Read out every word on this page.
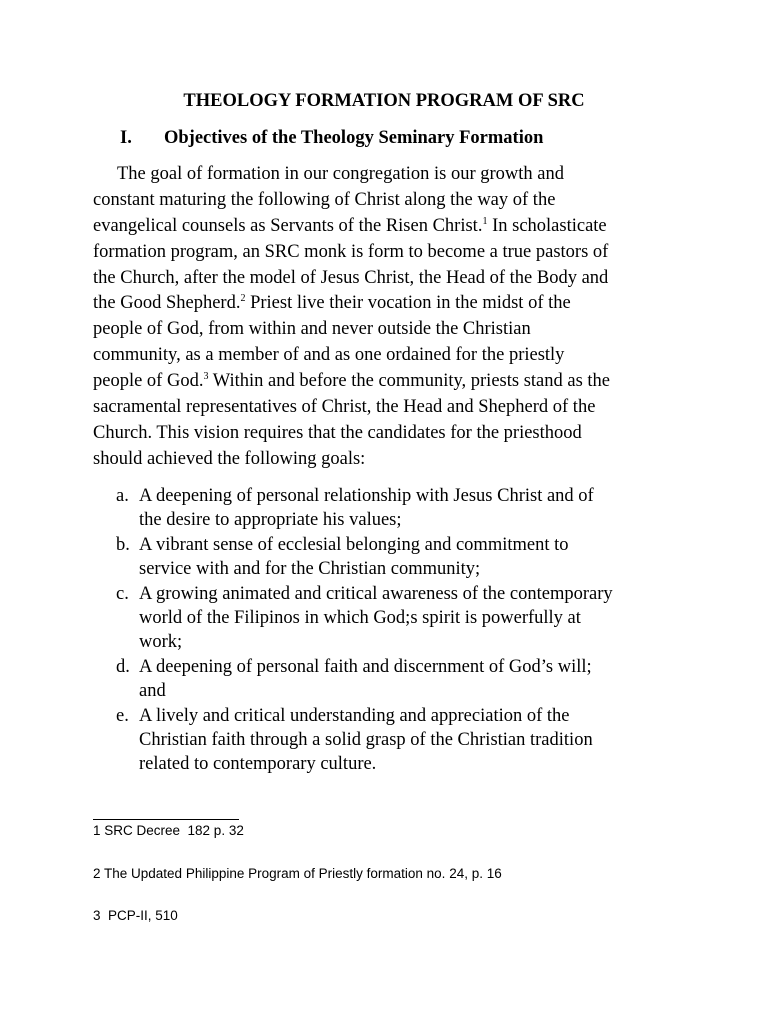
THEOLOGY FORMATION PROGRAM OF SRC
I. Objectives of the Theology Seminary Formation
The goal of formation in our congregation is our growth and
constant maturing the following of Christ along the way of the
evangelical counsels as Servants of the Risen Christ.$^1$ In scholasticate
formation program, an SRC monk is form to become a true pastors of
the Church, after the model of Jesus Christ, the Head of the Body and
the Good Shepherd.$^2$ Priest live their vocation in the midst of the
people of God, from within and never outside the Christian
community, as a member of and as one ordained for the priestly
people of God.$^3$ Within and before the community, priests stand as the
sacramental representatives of Christ, the Head and Shepherd of the
Church. This vision requires that the candidates for the priesthood
should achieved the following goals:
a. A deepening of personal relationship with Jesus Christ and of
the desire to appropriate his values;
b. A vibrant sense of ecclesial belonging and commitment to
service with and for the Christian community;
c. A growing animated and critical awareness of the contemporary
world of the Filipinos in which God;s spirit is powerfully at
work;
d. A deepening of personal faith and discernment of God’s will;
and
e. A lively and critical understanding and appreciation of the
Christian faith through a solid grasp of the Christian tradition
related to contemporary culture.
1 SRC Decree  182 p. 32
2 The Updated Philippine Program of Priestly formation no. 24, p. 16
3  PCP-II, 510
